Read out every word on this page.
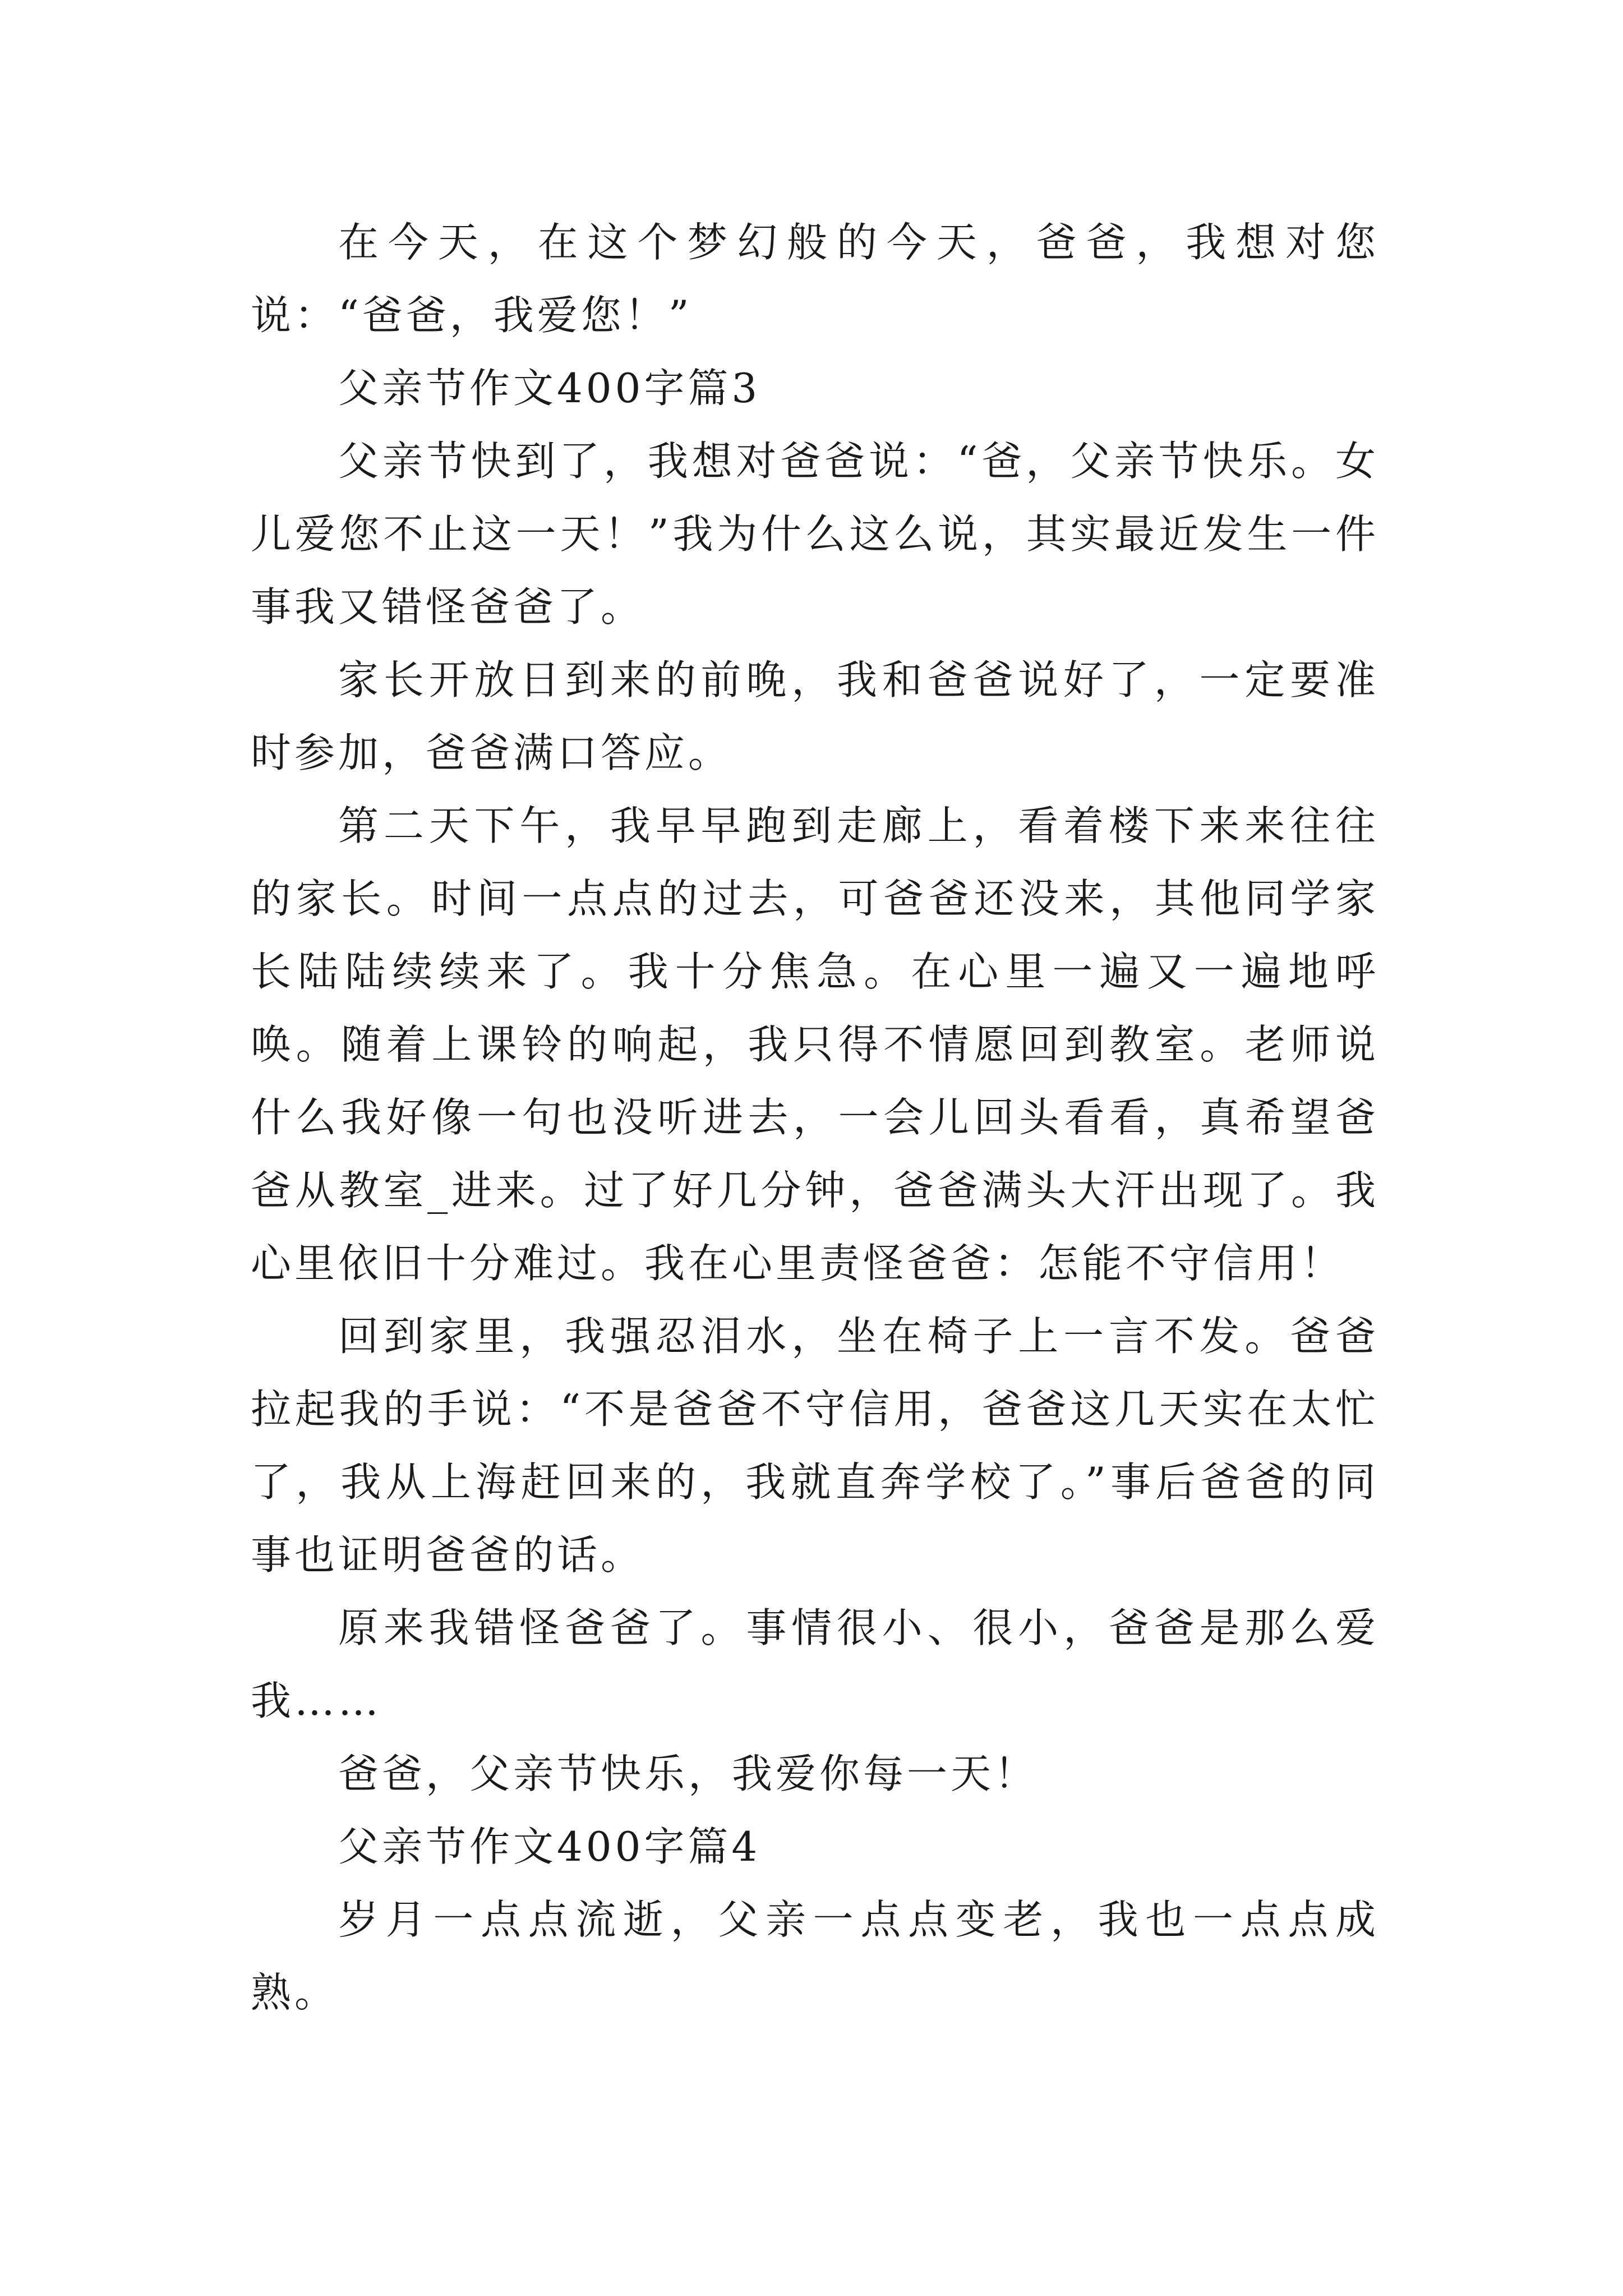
在今天，在这个梦幻般的今天，爸爸，我想对您说：“爸爸，我爱您！”

父亲节作文400字篇3

父亲节快到了，我想对爸爸说：“爸，父亲节快乐。女儿爱您不止这一天！”我为什么这么说，其实最近发生一件事我又错怪爸爸了。

家长开放日到来的前晚，我和爸爸说好了，一定要准时参加，爸爸满口答应。

第二天下午，我早早跑到走廊上，看着楼下来来往往的家长。时间一点点的过去，可爸爸还没来，其他同学家长陆陆续续来了。我十分焦急。在心里一遍又一遍地呼唤。随着上课铃的响起，我只得不情愿回到教室。老师说什么我好像一句也没听进去，一会儿回头看看，真希望爸爸从教室_进来。过了好几分钟，爸爸满头大汗出现了。我心里依旧十分难过。我在心里责怪爸爸：怎能不守信用！

回到家里，我强忍泪水，坐在椅子上一言不发。爸爸拉起我的手说：“不是爸爸不守信用，爸爸这几天实在太忙了，我从上海赶回来的，我就直奔学校了。”事后爸爸的同事也证明爸爸的话。

原来我错怪爸爸了。事情很小、很小，爸爸是那么爱我……

爸爸，父亲节快乐，我爱你每一天！

父亲节作文400字篇4

岁月一点点流逝，父亲一点点变老，我也一点点成熟。
